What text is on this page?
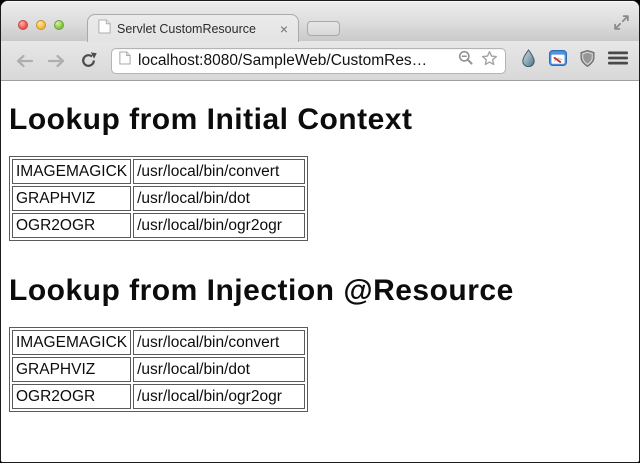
Servlet CustomResource	×
localhost:8080/SampleWeb/CustomRes…
Lookup from Initial Context
IMAGEMAGICK	/usr/local/bin/convert
GRAPHVIZ	/usr/local/bin/dot
OGR2OGR	/usr/local/bin/ogr2ogr
Lookup from Injection @Resource
IMAGEMAGICK	/usr/local/bin/convert
GRAPHVIZ	/usr/local/bin/dot
OGR2OGR	/usr/local/bin/ogr2ogr
